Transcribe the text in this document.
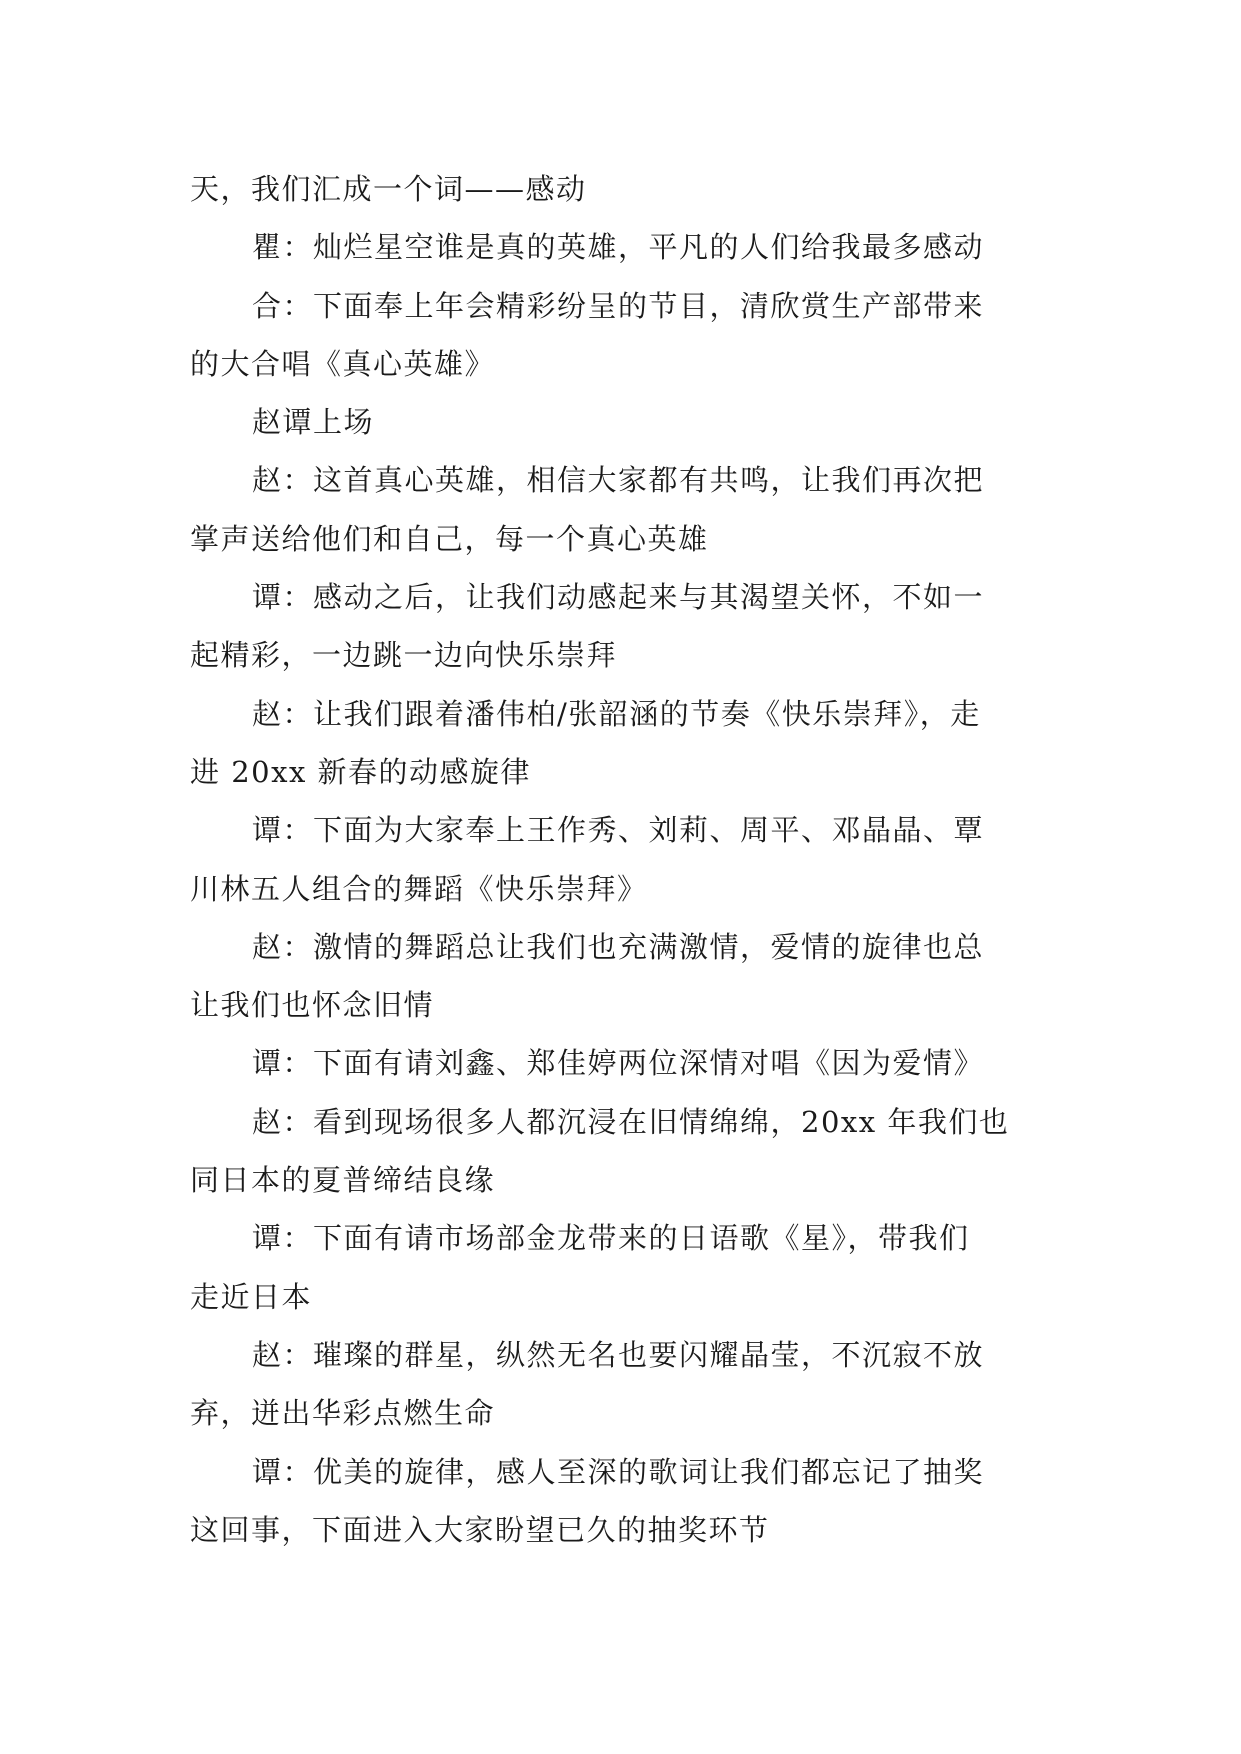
天，我们汇成一个词——感动

瞿：灿烂星空谁是真的英雄，平凡的人们给我最多感动

合：下面奉上年会精彩纷呈的节目，清欣赏生产部带来

的大合唱《真心英雄》

赵谭上场

赵：这首真心英雄，相信大家都有共鸣，让我们再次把

掌声送给他们和自己，每一个真心英雄

谭：感动之后，让我们动感起来与其渴望关怀，不如一

起精彩，一边跳一边向快乐崇拜

赵：让我们跟着潘伟柏/张韶涵的节奏《快乐崇拜》，走

进 20xx 新春的动感旋律

谭：下面为大家奉上王作秀、刘莉、周平、邓晶晶、覃

川林五人组合的舞蹈《快乐崇拜》

赵：激情的舞蹈总让我们也充满激情，爱情的旋律也总

让我们也怀念旧情

谭：下面有请刘鑫、郑佳婷两位深情对唱《因为爱情》

赵：看到现场很多人都沉浸在旧情绵绵，20xx 年我们也

同日本的夏普缔结良缘

谭：下面有请市场部金龙带来的日语歌《星》，带我们

走近日本

赵：璀璨的群星，纵然无名也要闪耀晶莹，不沉寂不放

弃，迸出华彩点燃生命

谭：优美的旋律，感人至深的歌词让我们都忘记了抽奖

这回事，下面进入大家盼望已久的抽奖环节
